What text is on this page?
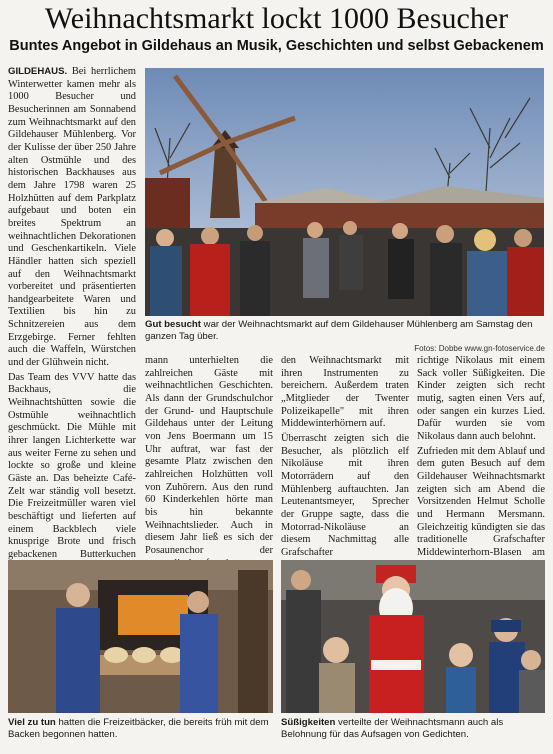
Weihnachtsmarkt lockt 1000 Besucher
Buntes Angebot in Gildehaus an Musik, Geschichten und selbst Gebackenem

GILDEHAUS. Bei herrlichem Winterwetter kamen mehr als 1000 Besucher und Besucherinnen am Sonnabend zum Weihnachtsmarkt auf den Gildehauser Mühlenberg. Vor der Kulisse der über 250 Jahre alten Ostmühle und des historischen Backhauses aus dem Jahre 1798 waren 25 Holzhütten auf dem Parkplatz aufgebaut und boten ein breites Spektrum an weihnachtlichen Dekorationen und Geschenkartikeln. Viele Händler hatten sich speziell auf den Weihnachtsmarkt vorbereitet und präsentierten handgearbeitete Waren und Textilien bis hin zu Schnitzereien aus dem Erzgebirge. Ferner fehlten auch die Waffeln, Würstchen und der Glühwein nicht.

Das Team des VVV hatte das Backhaus, die Weihnachtshütten sowie die Ostmühle weihnachtlich geschmückt. Die Mühle mit ihrer langen Lichterkette war aus weiter Ferne zu sehen und lockte so große und kleine Gäste an. Das beheizte Café-Zelt war ständig voll besetzt. Die Freizeitmüller waren viel beschäftigt und lieferten auf einem Backblech viele knusprige Brote und frisch gebackenen Butterkuchen

Gut besucht war der Weihnachtsmarkt auf dem Gildehauser Mühlenberg am Samstag den ganzen Tag über.
Fotos: Dobbe www.gn-fotoservice.de

mann unterhielten die zahlreichen Gäste mit weihnachtlichen Geschichten. Als dann der Grundschulchor der Grund- und Hauptschule Gildehaus unter der Leitung von Jens Boermann um 15 Uhr auftrat, war fast der gesamte Platz zwischen den zahlreichen Holzhütten voll von Zuhörern. Aus den rund 60 Kinderkehlen hörte man bis hin bekannte Weihnachtslieder. Auch in diesem Jahr ließ es sich der Posaunenchor der

den Weihnachtsmarkt mit ihren Instrumenten zu bereichern. Außerdem traten „Mitglieder der Twenter Polizeikapelle" mit ihren Middewinterhörnern auf.

Überrascht zeigten sich die Besucher, als plötzlich elf Nikoläuse mit ihren Motorrädern auf den Mühlenberg auftauchten. Jan Leutenantsmeyer, Sprecher der Gruppe sagte, dass die Motorrad-Nikoläuse an diesem Nachmittag alle Grafschafter

richtige Nikolaus mit einem Sack voller Süßigkeiten. Die Kinder zeigten sich recht mutig, sagten einen Vers auf, oder sangen ein kurzes Lied. Dafür wurden sie vom Nikolaus dann auch belohnt.

Zufrieden mit dem Ablauf und dem guten Besuch auf dem Gildehauser Weihnachtsmarkt zeigten sich am Abend die Vorsitzenden Helmut Scholle und Hermann Mersmann. Gleichzeitig kündigten sie das traditionelle Grafschafter Middewinterhorn-Blasen am

Viel zu tun hatten die Freizeitbäcker, die bereits früh mit dem Backen begonnen hatten.
Süßigkeiten verteilte der Weihnachtsmann auch als Belohnung für das Aufsagen von Gedichten.
